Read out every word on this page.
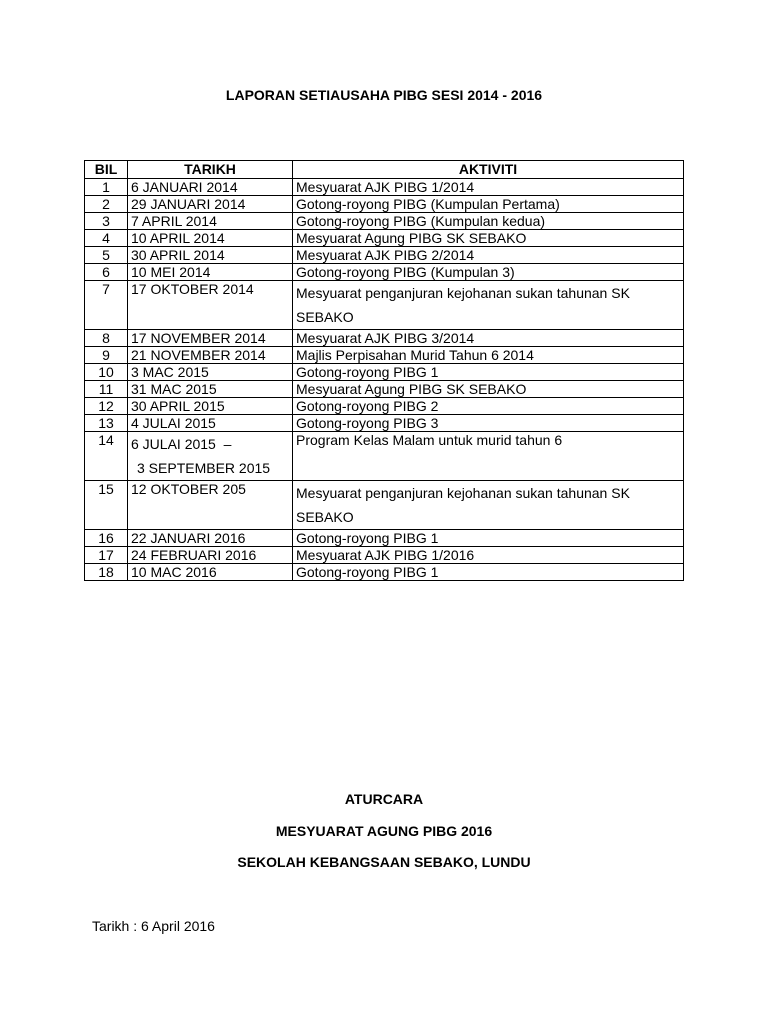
LAPORAN SETIAUSAHA PIBG SESI 2014 - 2016
BIL	TARIKH	AKTIVITI
1	6 JANUARI 2014	Mesyuarat AJK PIBG 1/2014
2	29 JANUARI 2014	Gotong-royong PIBG (Kumpulan Pertama)
3	7 APRIL 2014	Gotong-royong PIBG (Kumpulan kedua)
4	10 APRIL 2014	Mesyuarat Agung PIBG SK SEBAKO
5	30 APRIL 2014	Mesyuarat AJK PIBG 2/2014
6	10 MEI 2014	Gotong-royong PIBG (Kumpulan 3)
7	17 OKTOBER 2014	Mesyuarat penganjuran kejohanan sukan tahunan SK
SEBAKO

8	17 NOVEMBER 2014	Mesyuarat AJK PIBG 3/2014
9	21 NOVEMBER 2014	Majlis Perpisahan Murid Tahun 6 2014
10	3 MAC 2015	Gotong-royong PIBG 1
11	31 MAC 2015	Mesyuarat Agung PIBG SK SEBAKO
12	30 APRIL 2015	Gotong-royong PIBG 2
13	4 JULAI 2015	Gotong-royong PIBG 3
14	6 JULAI 2015  –
3 SEPTEMBER 2015	Program Kelas Malam untuk murid tahun 6
15	12 OKTOBER 205	Mesyuarat penganjuran kejohanan sukan tahunan SK
SEBAKO

16	22 JANUARI 2016	Gotong-royong PIBG 1
17	24 FEBRUARI 2016	Mesyuarat AJK PIBG 1/2016
18	10 MAC 2016	Gotong-royong PIBG 1
ATURCARA
MESYUARAT AGUNG PIBG 2016
SEKOLAH KEBANGSAAN SEBAKO, LUNDU
Tarikh : 6 April 2016
